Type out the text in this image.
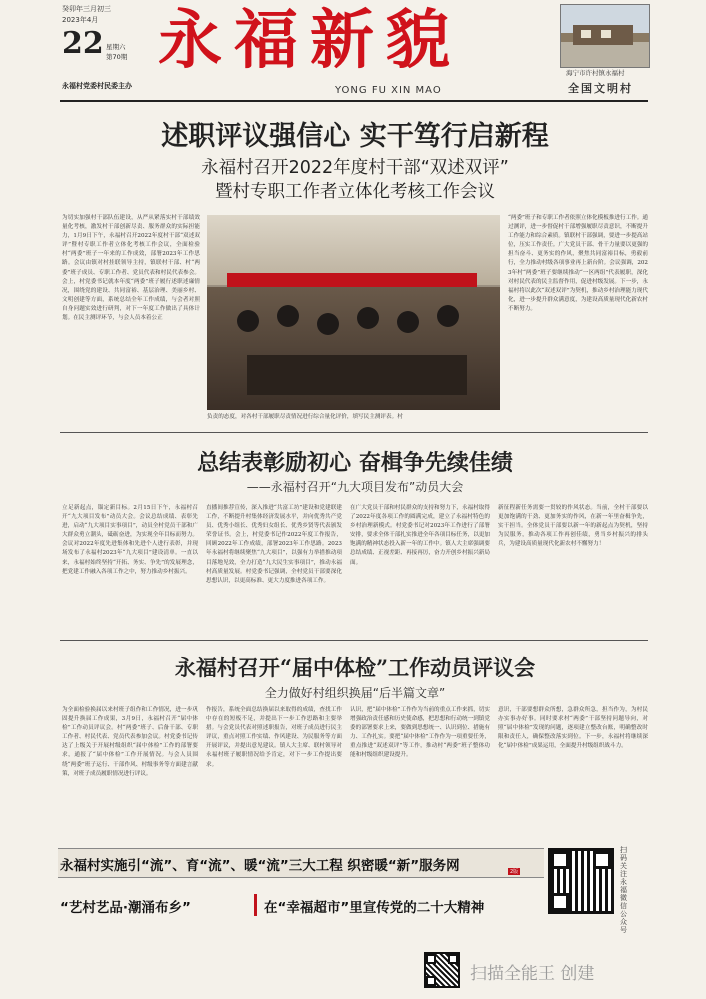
癸卯年三月初三
2023年4月
22 星期六
第70期
永福村党委村民委主办
永福新貌
YONG FU XIN MAO
海宁市许村镇永福村
全国文明村
述职评议强信心 实干笃行启新程
永福村召开2022年度村干部“双述双评”
暨村专职工作者立体化考核工作会议
为切实加强村干部队伍建设，从严从紧落实村干部绩效量化考核，激发村干部创新尽责、服务群众的实际担能力，1月9日下午，永福村召开2022年度村干部“双述双评”暨村专职工作者立体化考核工作会议，全面检验村“两委”班子一年来的工作成效，部署2023年工作思路。会议由镇对村挂联领导主持，镇联村干部、村“两委”班子成员、专职工作者、党员代表和村民代表参会。会上，村党委书记就本年度“两委”班子履行述职述廉情况，围绕党的建设、共同富裕、基层治理、美丽乡村、文明创建等方面，系统总结全年工作成绩，与会者对照自身问题实效进行研判，对下一年度工作做出了具体计划。在民主测评环节，与会人员本着公正
负责的态度，对各村干部履职尽责情况进行综合量化评价，填写民主测评表。村
“两委”班子和专职工作者依照立体化模板推进行工作。通过测评，进一步督促村干部增强履职尽责意识，不断提升工作能力和综合素质。镇联村干部强调，要进一步提高站位，压实工作责任。广大党员干部、骨干力量要以更强的担当奋斗、更务实的作风，聚焦共同富裕目标，勇毅前行，全力推动村级各项事业再上新台阶。会议强调，2023年村“两委”班子要继续推动“一区两组”代表履职，深化对村民代表的民主监督作用，促进村级发展。下一步，永福村将以此次“双述双评”为契机，推动乡村治理能力现代化，进一步提升群众满意度，为建设高质量现代化新农村不断努力。
总结表彰励初心 奋楫争先续佳绩
——永福村召开“九大项目发布”动员大会
立足新起点，锚定新目标。2月15日下午，永福村召开“九大项目发布”动员大会。会议总结成绩、表彰先进，启动“九大项目实事项目”，动员全村党员干部和广大群众勇立潮头，砥砺奋进，为实现全年目标而努力。会议对2022年度先进集体和先进个人进行表彰，并现场发布了永福村2023年“九大项目”建设清单。一直以来，永福村始终坚持“开拓、务实、争先”的发展理念，把党建工作融入各项工作之中，努力推动乡村振兴。
直播间推荐宣传，深入推进“共富工坊”建设和党建联建工作，不断提升村集体经济发展水平，并向优秀共产党员、优秀小组长、优秀妇女组长、优秀乡贤等代表颁发荣誉证书。会上，村党委书记作2022年度工作报告，回顾2022年工作成绩，部署2023年工作思路。2023年永福村将继续聚焦“九大项目”，以强有力举措推动项目落地见效，全力打造“九大民生实事项目”，推动永福村高质量发展。村党委书记强调，全村党员干部要深化思想认识，以更高标准、更大力度推进各项工作。
在广大党员干部和村民群众的支持和努力下，永福村取得了2022年度各项工作的圆满完成，建立了永福村特色的乡村治理新模式。村党委书记对2023年工作进行了部署安排，要求全体干部扎实推进全年各项目标任务，以更加饱满的精神状态投入新一年的工作中。镇人大主席强调要总结成绩、正视差距、再接再厉，奋力开创乡村振兴新局面。
新征程新任务需要一贯较的作风状态。当前，全村干部要以更加饱满的干劲、更加务实的作风，在新一年里奋楫争先，实干担当。全体党员干部要以新一年的新起点为契机，坚持为民服务，推动各项工作再创佳绩，勇当乡村振兴的排头兵，为建设高质量现代化新农村不懈努力！
永福村召开“届中体检”工作动员评议会
全力做好村组织换届“后半篇文章”
为全面检验换届以来村班子组作和工作情况，进一步巩固提升换届工作成果，3月9日，永福村召开“届中体检”工作动员评议会。村“两委”班子、后备干部、专职工作者、村民代表、党员代表参加会议。村党委书记传达了上级关于开展村级组织“届中体检”工作的部署要求，通报了“届中体检”工作开展情况。与会人员围绕“两委”班子运行、干部作风、村级事务等方面建言献策，对班子成员履职情况进行评议。
作报告，系统全面总结换届以来取得的成绩，查找工作中存在的短板不足，并提出下一步工作思路和主要举措。与会党员代表对照述职报告，对班子成员进行民主评议，重点对照工作实绩、作风建设、为民服务等方面开展评议，并提出意见建议。镇人大主席、联村领导对永福村班子履职情况给予肯定，对下一步工作提出要求。
认识，把“届中体检”工作作为当前的重点工作来抓，切实增强政治责任感和历史使命感，把思想和行动统一到镇党委的部署要求上来，要做到思想统一、认识到位、措施有力、工作扎实。要把“届中体检”工作作为一项重要任务，重点推进“双述双评”等工作，推动村“两委”班子整体功能和村级组织建设提升。
意识，干部要想群众所想，急群众所急，担当作为，为村民办实事办好事。同时要求村“两委”干部坚持问题导向，对照“届中体检”发现的问题，逐项建立整改台账，明确整改时限和责任人，确保整改落实到位。下一步，永福村将继续深化“届中体检”成果运用，全面提升村级组织战斗力。
永福村实施引“流”、育“流”、暖“流”三大工程 织密暖“新”服务网	2版
“艺村艺品·潮涌布乡”	在“幸福超市”里宣传党的二十大精神
扫码关注永福微信公众号
扫描全能王 创建
